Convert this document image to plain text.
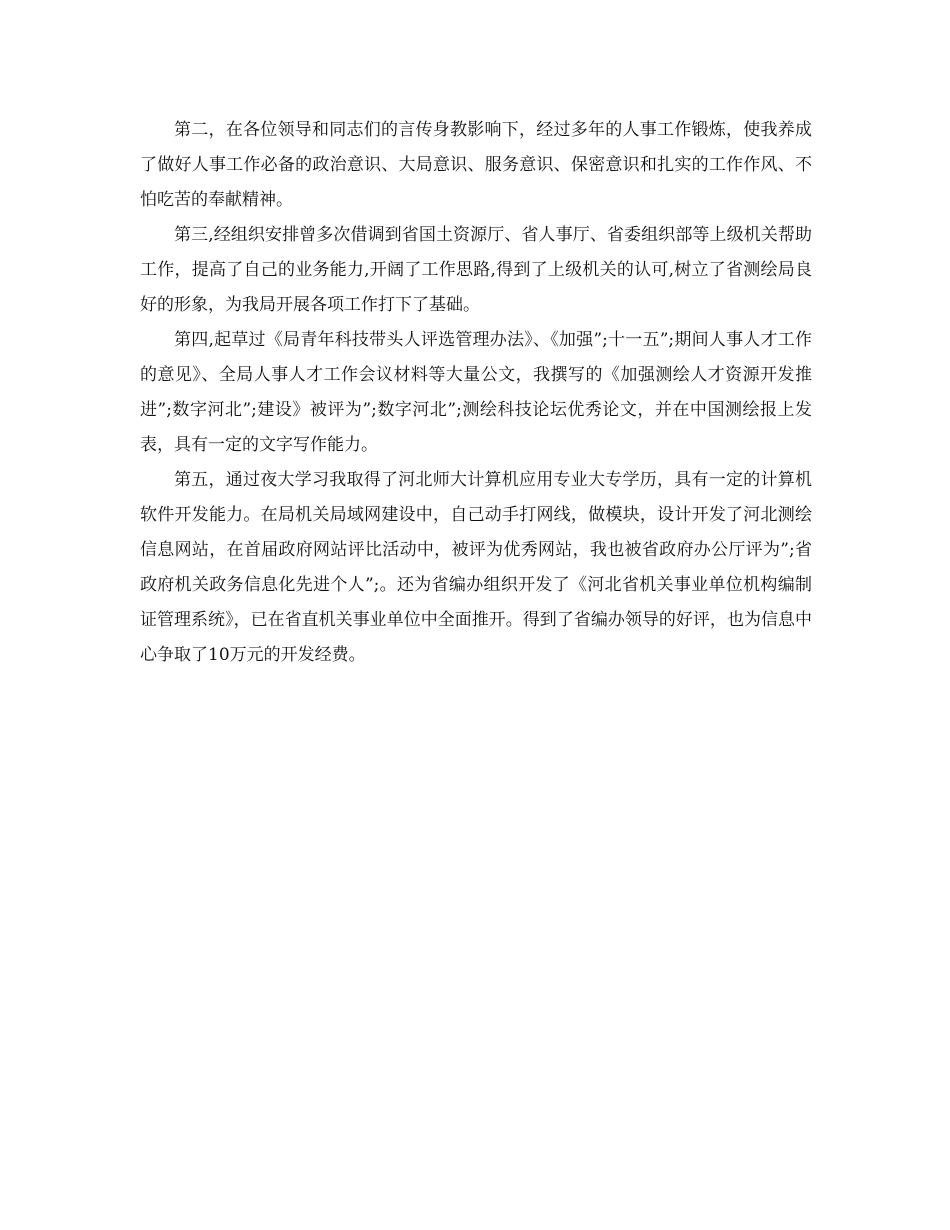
第二，在各位领导和同志们的言传身教影响下，经过多年的人事工作锻炼，使我养成了做好人事工作必备的政治意识、大局意识、服务意识、保密意识和扎实的工作作风、不怕吃苦的奉献精神。

第三,经组织安排曾多次借调到省国土资源厅、省人事厅、省委组织部等上级机关帮助工作，提高了自己的业务能力,开阔了工作思路,得到了上级机关的认可,树立了省测绘局良好的形象，为我局开展各项工作打下了基础。

第四,起草过《局青年科技带头人评选管理办法》、《加强”;十一五”;期间人事人才工作的意见》、全局人事人才工作会议材料等大量公文，我撰写的《加强测绘人才资源开发推进”;数字河北”;建设》被评为”;数字河北”;测绘科技论坛优秀论文，并在中国测绘报上发表，具有一定的文字写作能力。

第五，通过夜大学习我取得了河北师大计算机应用专业大专学历，具有一定的计算机软件开发能力。在局机关局域网建设中，自己动手打网线，做模块，设计开发了河北测绘信息网站，在首届政府网站评比活动中，被评为优秀网站，我也被省政府办公厅评为”;省政府机关政务信息化先进个人”;。还为省编办组织开发了《河北省机关事业单位机构编制证管理系统》，已在省直机关事业单位中全面推开。得到了省编办领导的好评，也为信息中心争取了10万元的开发经费。
